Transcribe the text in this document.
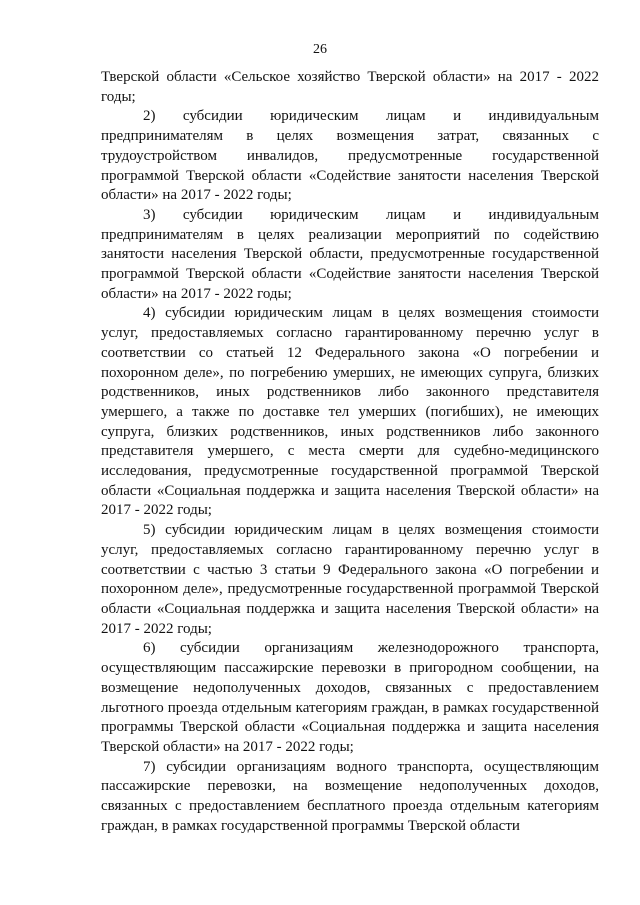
26

Тверской области «Сельское хозяйство Тверской области» на 2017 - 2022 годы;

2) субсидии юридическим лицам и индивидуальным предпринимателям в целях возмещения затрат, связанных с трудоустройством инвалидов, предусмотренные государственной программой Тверской области «Содействие занятости населения Тверской области» на 2017 - 2022 годы;

3) субсидии юридическим лицам и индивидуальным предпринимателям в целях реализации мероприятий по содействию занятости населения Тверской области, предусмотренные государственной программой Тверской области «Содействие занятости населения Тверской области» на 2017 - 2022 годы;

4) субсидии юридическим лицам в целях возмещения стоимости услуг, предоставляемых согласно гарантированному перечню услуг в соответствии со статьей 12 Федерального закона «О погребении и похоронном деле», по погребению умерших, не имеющих супруга, близких родственников, иных родственников либо законного представителя умершего, а также по доставке тел умерших (погибших), не имеющих супруга, близких родственников, иных родственников либо законного представителя умершего, с места смерти для судебно-медицинского исследования, предусмотренные государственной программой Тверской области «Социальная поддержка и защита населения Тверской области» на 2017 - 2022 годы;

5) субсидии юридическим лицам в целях возмещения стоимости услуг, предоставляемых согласно гарантированному перечню услуг в соответствии с частью 3 статьи 9 Федерального закона «О погребении и похоронном деле», предусмотренные государственной программой Тверской области «Социальная поддержка и защита населения Тверской области» на 2017 - 2022 годы;

6) субсидии организациям железнодорожного транспорта, осуществляющим пассажирские перевозки в пригородном сообщении, на возмещение недополученных доходов, связанных с предоставлением льготного проезда отдельным категориям граждан, в рамках государственной программы Тверской области «Социальная поддержка и защита населения Тверской области» на 2017 - 2022 годы;

7) субсидии организациям водного транспорта, осуществляющим пассажирские перевозки, на возмещение недополученных доходов, связанных с предоставлением бесплатного проезда отдельным категориям граждан, в рамках государственной программы Тверской области
